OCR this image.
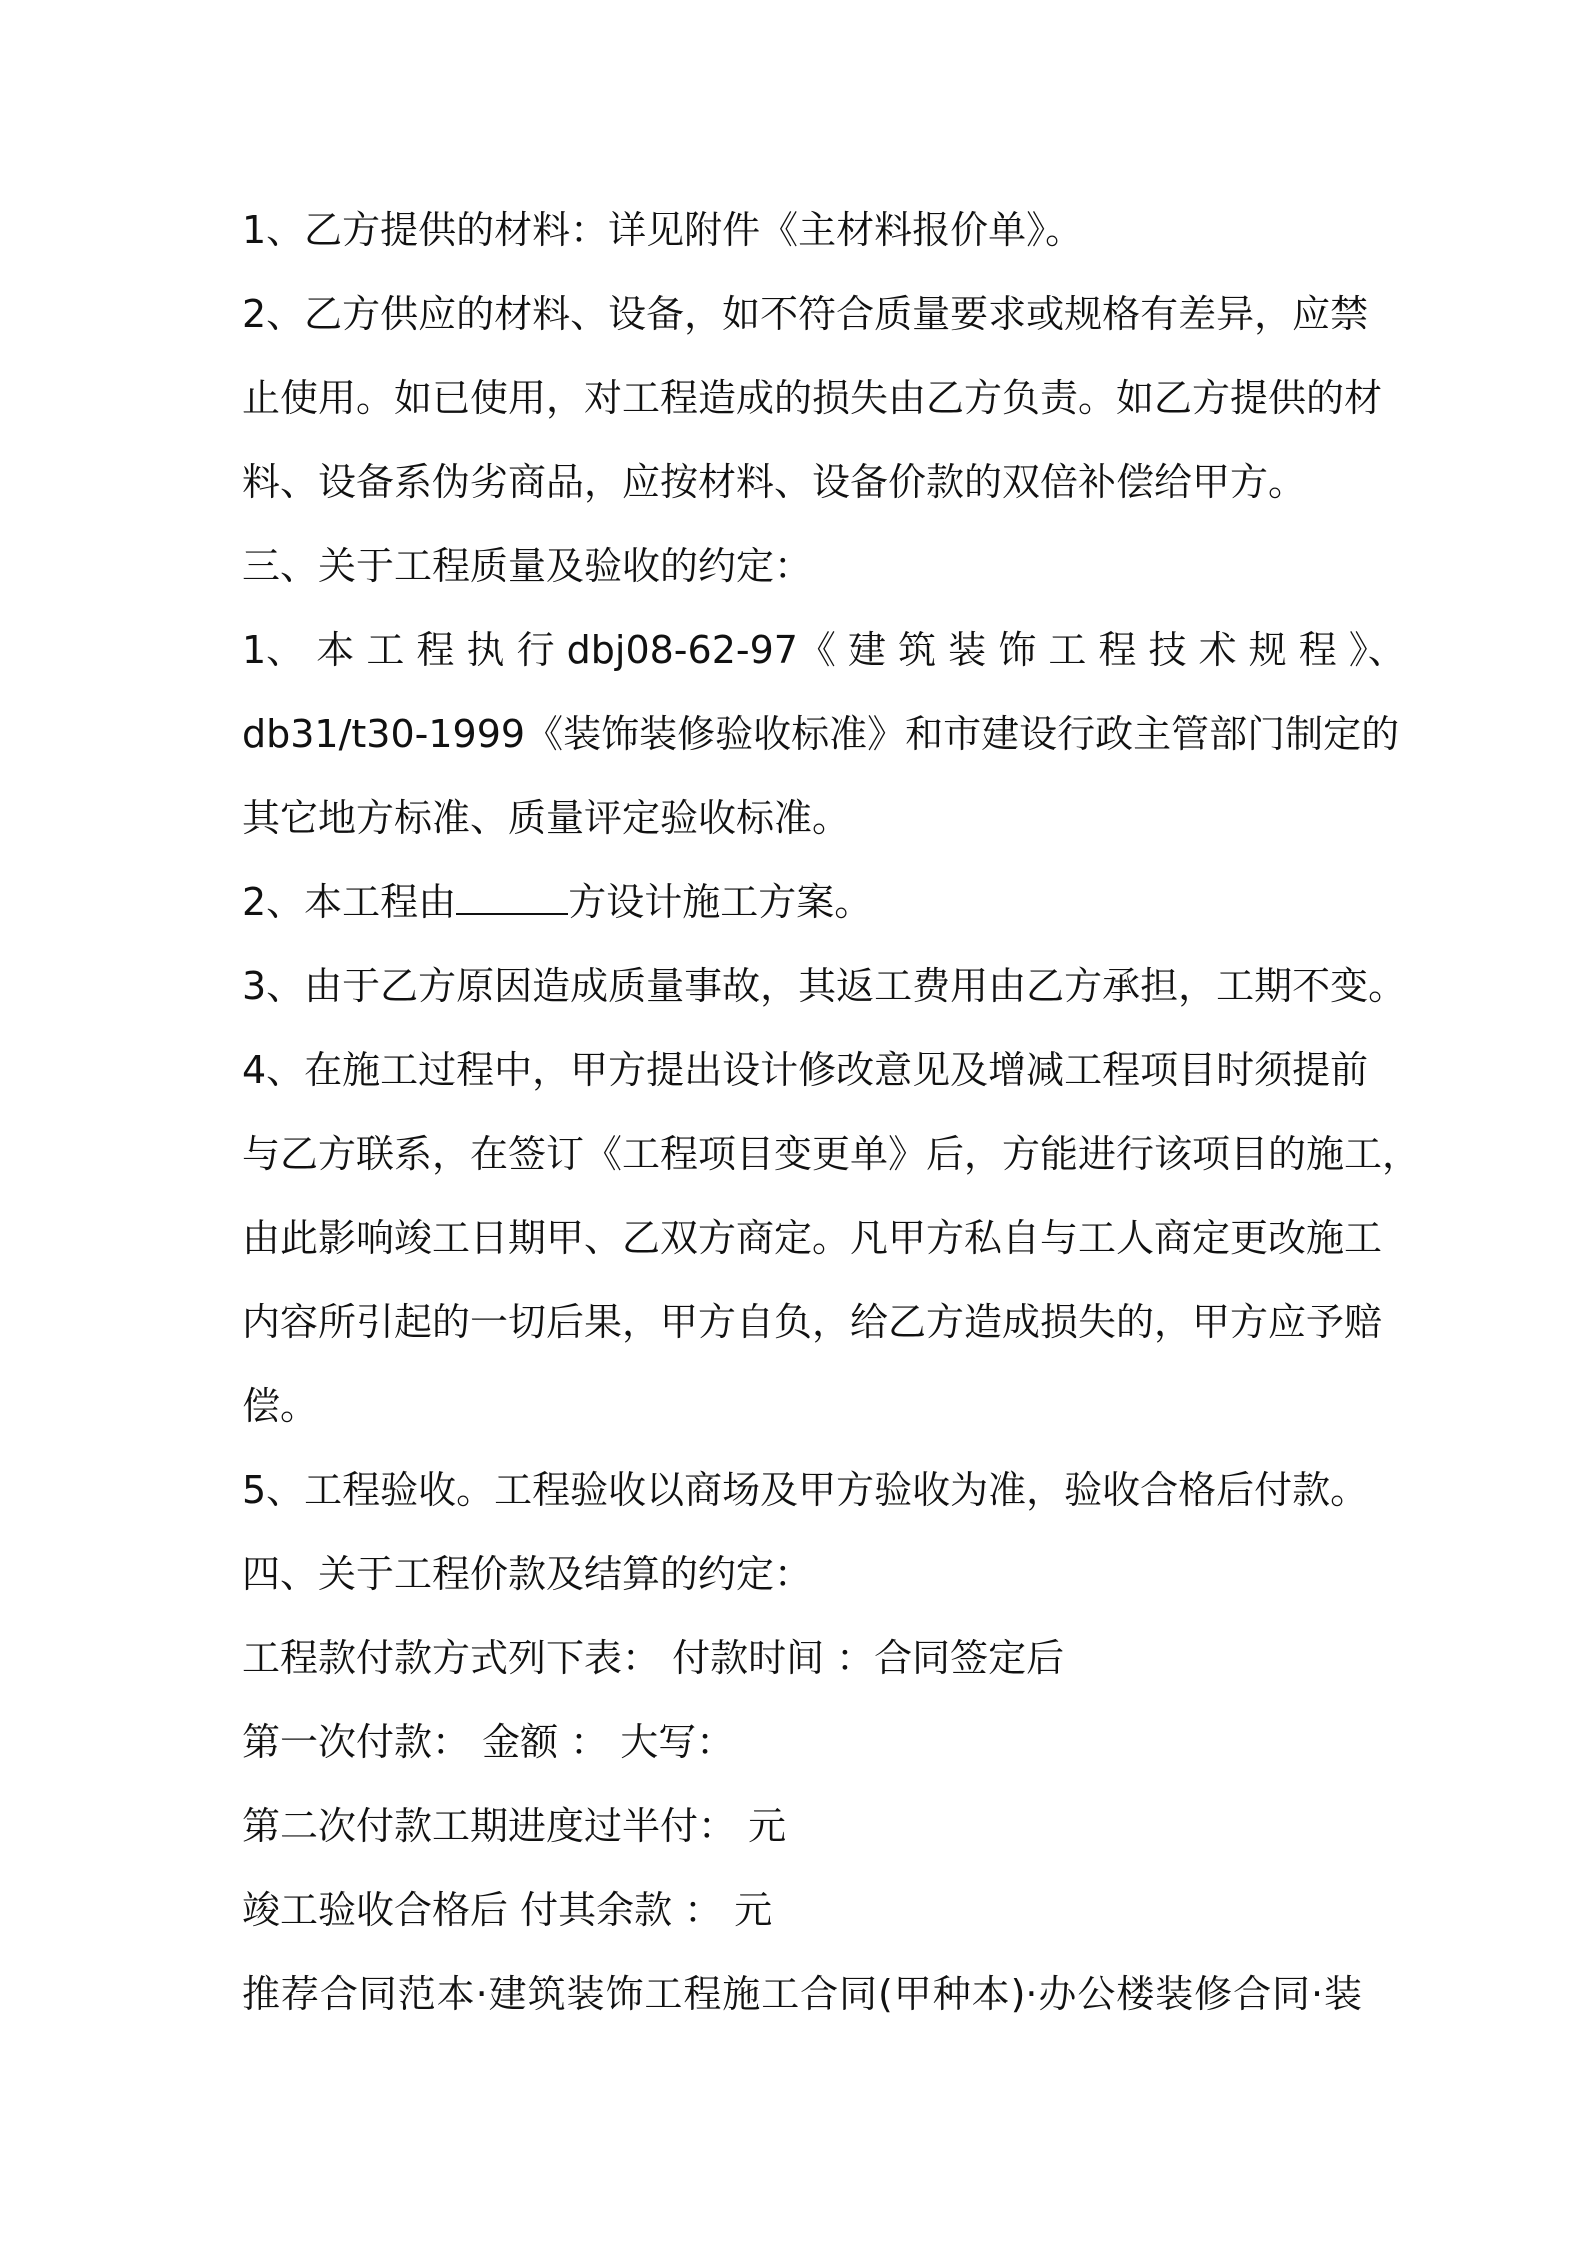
1、乙方提供的材料：详见附件《主材料报价单》。
2、乙方供应的材料、设备，如不符合质量要求或规格有差异，应禁
止使用。如已使用，对工程造成的损失由乙方负责。如乙方提供的材
料、设备系伪劣商品，应按材料、设备价款的双倍补偿给甲方。
三、关于工程质量及验收的约定：
1、 本 工 程 执 行 dbj08-62-97《 建 筑 装 饰 工 程 技 术 规 程 》、
db31/t30-1999《装饰装修验收标准》和市建设行政主管部门制定的
其它地方标准、质量评定验收标准。
2、本工程由	方设计施工方案。
3、由于乙方原因造成质量事故，其返工费用由乙方承担，工期不变。
4、在施工过程中，甲方提出设计修改意见及增减工程项目时须提前
与乙方联系，在签订《工程项目变更单》后，方能进行该项目的施工，
由此影响竣工日期甲、乙双方商定。凡甲方私自与工人商定更改施工
内容所引起的一切后果，甲方自负，给乙方造成损失的，甲方应予赔
偿。
5、工程验收。工程验收以商场及甲方验收为准，验收合格后付款。
四、关于工程价款及结算的约定：
工程款付款方式列下表： 付款时间 ：合同签定后
第一次付款： 金额 ： 大写：
第二次付款工期进度过半付： 元
竣工验收合格后 付其余款 ： 元
推荐合同范本·建筑装饰工程施工合同(甲种本)·办公楼装修合同·装
